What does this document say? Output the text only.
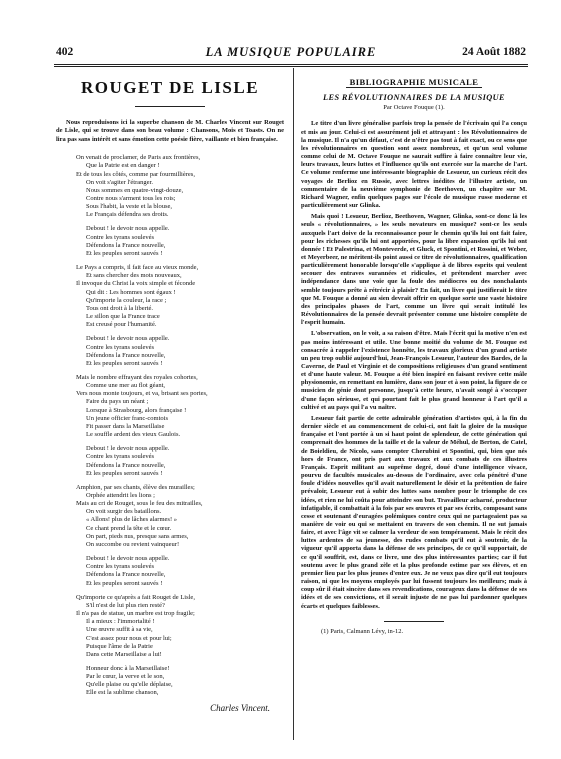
402	LA MUSIQUE POPULAIRE	24 Août 1882
ROUGET DE LISLE

Nous reproduisons ici la superbe chanson de M. Charles Vincent sur Rouget de Lisle, qui se trouve dans son beau volume : Chansons, Mois et Toasts. On ne lira pas sans intérêt et sans émotion cette poésie fière, vaillante et bien française.

On venait de proclamer, de Paris aux frontières,
Que la Patrie est en danger !
Et de tous les côtés, comme par fourmillières,
On voit s'agiter l'étranger.
Nous sommes en quatre-vingt-douze,
Contre nous s'arment tous les rois;
Sous l'habit, la veste et la blouse,
Le Français défendra ses droits.
Debout ! le devoir nous appelle.
Contre les tyrans soulevés
Défendons la France nouvelle,
Et les peuples seront sauvés !
Le Pays a compris, il fait face au vieux monde,
Et sans chercher des mots nouveaux,
Il invoque du Christ la voix simple et féconde
Qui dit : Les hommes sont égaux !
Qu'importe la couleur, la race ;
Tous ont droit à la liberté.
Le sillon que la France trace
Est creusé pour l'humanité.
Debout ! le devoir nous appelle.
Contre les tyrans soulevés
Défendons la France nouvelle,
Et les peuples seront sauvés !
Mais le nombre effrayant des royales cohortes,
Comme une mer au flot géant,
Vers nous monte toujours, et va, brisant ses portes,
Faire du pays un néant ;
Lorsque à Strasbourg, alors française !
Un jeune officier franc-comtois
Fit passer dans la Marseillaise
Le souffle ardent des vieux Gaulois.
Debout ! le devoir nous appelle.
Contre les tyrans soulevés
Défendons la France nouvelle,
Et les peuples seront sauvés !
Amphion, par ses chants, élève des murailles;
Orphée attendrit les lions ;
Mais au cri de Rouget, sous le feu des mitrailles,
On voit surgir des bataillons.
« Allons! plus de lâches alarmes! »
Ce chant prend la tête et le cœur.
On part, pieds nus, presque sans armes,
On succombe ou revient vainqueur!
Debout ! le devoir nous appelle.
Contre les tyrans soulevés
Défendons la France nouvelle,
Et les peuples seront sauvés !
Qu'importe ce qu'après a fait Rouget de Lisle,
S'il n'est de lui plus rien resté?
Il n'a pas de statue, un marbre est trop fragile;
Il a mieux : l'immortalité !
Une œuvre suffit à sa vie,
C'est assez pour nous et pour lui;
Puisque l'âme de la Patrie
Dans cette Marseillaise a lui!
Honneur donc à la Marseillaise!
Par le cœur, la verve et le son,
Qu'elle plaise ou qu'elle déplaise,
Elle est la sublime chanson,
Charles Vincent.
BIBLIOGRAPHIE MUSICALE
LES RÉVOLUTIONNAIRES DE LA MUSIQUE
Par Octave Fouque (1).

Le titre d'un livre généralise parfois trop la pensée de l'écrivain qui l'a conçu et mis au jour. Celui-ci est assurément joli et attrayant : les Révolutionnaires de la musique. Il n'a qu'un défaut, c'est de n'être pas tout à fait exact, ou ce sens que les révolutionnaires en question sont assez nombreux, et qu'un seul volume comme celui de M. Octave Fouque ne saurait suffire à faire connaître leur vie, leurs travaux, leurs luttes et l'influence qu'ils ont exercée sur la marche de l'art. Ce volume renferme une intéressante biographie de Lesueur, un curieux récit des voyages de Berlioz en Russie, avec lettres inédites de l'illustre artiste, un commentaire de la neuvième symphonie de Beethoven, un chapitre sur M. Richard Wagner, enfin quelques pages sur l'école de musique russe moderne et particulièrement sur Glinka.

Mais quoi ! Lesueur, Berlioz, Beethoven, Wagner, Glinka, sont-ce donc là les seuls « révolutionnaires, » les seuls novateurs en musique? sont-ce les seuls auxquels l'art doive de la reconnaissance pour le chemin qu'ils lui ont fait faire, pour les richesses qu'ils lui ont apportées, pour la libre expansion qu'ils lui ont donnée ! Et Palestrina, et Monteverde, et Gluck, et Spontini, et Rossini, et Weber, et Meyerbeer, ne méritent-ils point aussi ce titre de révolutionnaires, qualification particulièrement honorable lorsqu'elle s'applique à de libres esprits qui veulent secouer des entraves surannées et ridicules, et prétendent marcher avec indépendance dans une voie que la foule des médiocres ou des nonchalants semble toujours prête à rétrécir à plaisir? En fait, un livre qui justifierait le titre que M. Fouque a donné au sien devrait offrir en quelque sorte une vaste histoire des principales phases de l'art, comme un livre qui serait intitulé les Révolutionnaires de la pensée devrait présenter comme une histoire complète de l'esprit humain.

L'observation, on le voit, a sa raison d'être. Mais l'écrit qui la motive n'en est pas moins intéressant et utile. Une bonne moitié du volume de M. Fouque est consacrée à rappeler l'existence honnête, les travaux glorieux d'un grand artiste un peu trop oublié aujourd'hui, Jean-François Lesueur, l'auteur des Bardes, de la Caverne, de Paul et Virginie et de compositions religieuses d'un grand sentiment et d'une haute valeur. M. Fouque a été bien inspiré en faisant revivre cette mâle physionomie, en remettant en lumière, dans son jour et à son point, la figure de ce musicien de génie dont personne, jusqu'à cette heure, n'avait songé à s'occuper d'une façon sérieuse, et qui pourtant fait le plus grand honneur à l'art qu'il a cultivé et au pays qui l'a vu naître.

Lesueur fait partie de cette admirable génération d'artistes qui, à la fin du dernier siècle et au commencement de celui-ci, ont fait la gloire de la musique française et l'ont portée à un si haut point de splendeur, de cette génération qui comprenait des hommes de la taille et de la valeur de Méhul, de Berton, de Catel, de Boieldieu, de Nicolo, sans compter Cherubini et Spontini, qui, bien que nés hors de France, ont pris part aux travaux et aux combats de ces illustres Français. Esprit militant au suprême degré, doué d'une intelligence vivace, pourvu de facultés musicales au-dessus de l'ordinaire, avec cela pénétré d'une foule d'idées nouvelles qu'il avait naturellement le désir et la prétention de faire prévaloir, Lesueur eut à subir des luttes sans nombre pour le triomphe de ces idées, et rien ne lui coûta pour atteindre son but. Travailleur acharné, producteur infatigable, il combattait à la fois par ses œuvres et par ses écrits, composant sans cesse et soutenant d'euragées polémiques contre ceux qui ne partageaient pas sa manière de voir ou qui se mettaient en travers de son chemin. Il ne sut jamais faire, et avec l'âge vit se calmer la verdeur de son tempérament. Mais le récit des luttes ardentes de sa jeunesse, des rudes combats qu'il eut à soutenir, de la vigueur qu'il apporta dans la défense de ses principes, de ce qu'il supportait, de ce qu'il souffrit, est, dans ce livre, une des plus intéressantes parties; car il fut soutenu avec le plus grand zèle et la plus profonde estime par ses élèves, et en premier lieu par les plus jeunes d'entre eux. Je ne veux pas dire qu'il eut toujours raison, ni que les moyens employés par lui fussent toujours les meilleurs; mais à coup sûr il était sincère dans ses revendications, courageux dans la défense de ses idées et de ses convictions, et il serait injuste de ne pas lui pardonner quelques écarts et quelques faiblesses.

(1) Paris, Calmann Lévy, in-12.
